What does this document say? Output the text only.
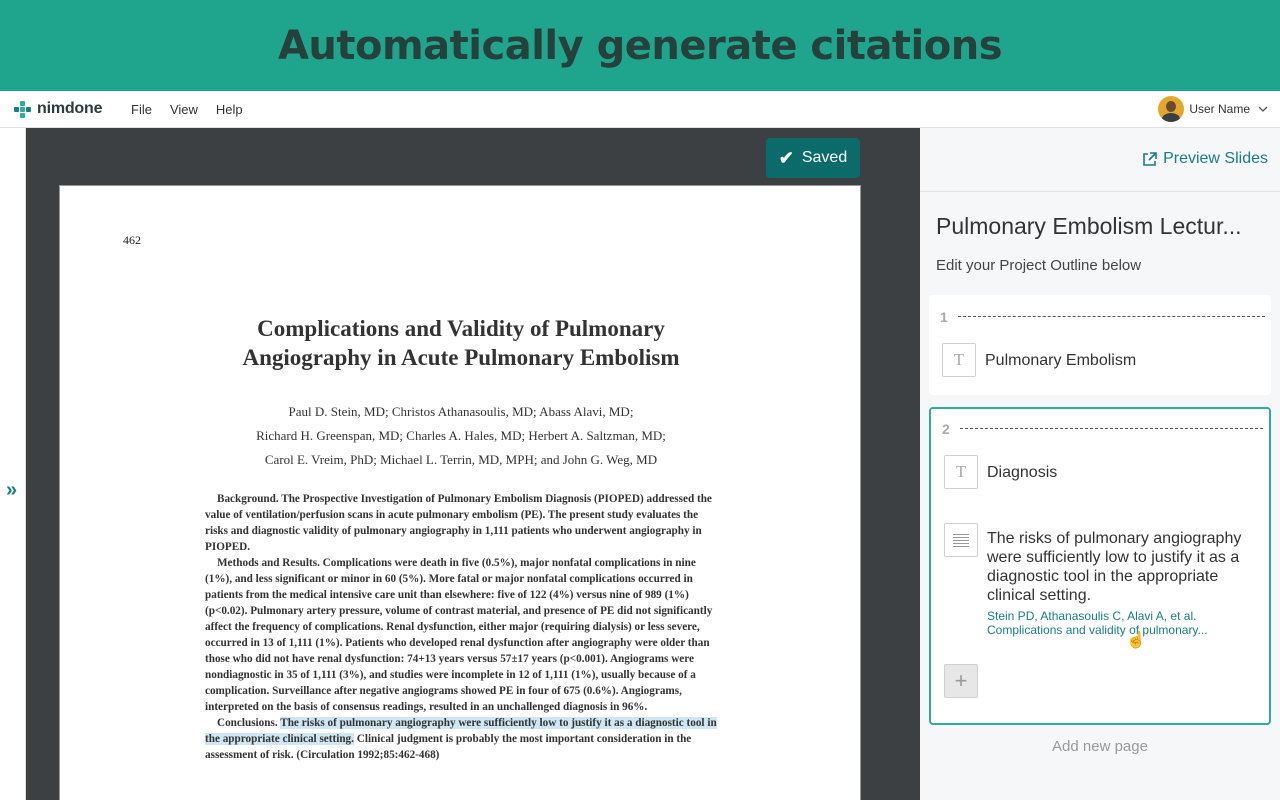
Automatically generate citations
nimdone File View Help	User Name
»
✔ Saved
462
Complications and Validity of Pulmonary
Angiography in Acute Pulmonary Embolism
Paul D. Stein, MD; Christos Athanasoulis, MD; Abass Alavi, MD;
Richard H. Greenspan, MD; Charles A. Hales, MD; Herbert A. Saltzman, MD;
Carol E. Vreim, PhD; Michael L. Terrin, MD, MPH; and John G. Weg, MD

Background. The Prospective Investigation of Pulmonary Embolism Diagnosis (PIOPED) addressed the value of ventilation/perfusion scans in acute pulmonary embolism (PE). The present study evaluates the risks and diagnostic validity of pulmonary angiography in 1,111 patients who underwent angiography in PIOPED.

Methods and Results. Complications were death in five (0.5%), major nonfatal complications in nine (1%), and less significant or minor in 60 (5%). More fatal or major nonfatal complications occurred in patients from the medical intensive care unit than elsewhere: five of 122 (4%) versus nine of 989 (1%) (p<0.02). Pulmonary artery pressure, volume of contrast material, and presence of PE did not significantly affect the frequency of complications. Renal dysfunction, either major (requiring dialysis) or less severe, occurred in 13 of 1,111 (1%). Patients who developed renal dysfunction after angiography were older than those who did not have renal dysfunction: 74+13 years versus 57±17 years (p<0.001). Angiograms were nondiagnostic in 35 of 1,111 (3%), and studies were incomplete in 12 of 1,111 (1%), usually because of a complication. Surveillance after negative angiograms showed PE in four of 675 (0.6%). Angiograms, interpreted on the basis of consensus readings, resulted in an unchallenged diagnosis in 96%.

Conclusions. The risks of pulmonary angiography were sufficiently low to justify it as a diagnostic tool in the appropriate clinical setting. Clinical judgment is probably the most important consideration in the assessment of risk. (Circulation 1992;85:462-468)

Preview Slides
Pulmonary Embolism Lectur...
Edit your Project Outline below
1
T	Pulmonary Embolism
2
T	Diagnosis
The risks of pulmonary angiography were sufficiently low to justify it as a diagnostic tool in the appropriate clinical setting.
Stein PD, Athanasoulis C, Alavi A, et al.
Complications and validity of pulmonary...
+
Add new page
☝
